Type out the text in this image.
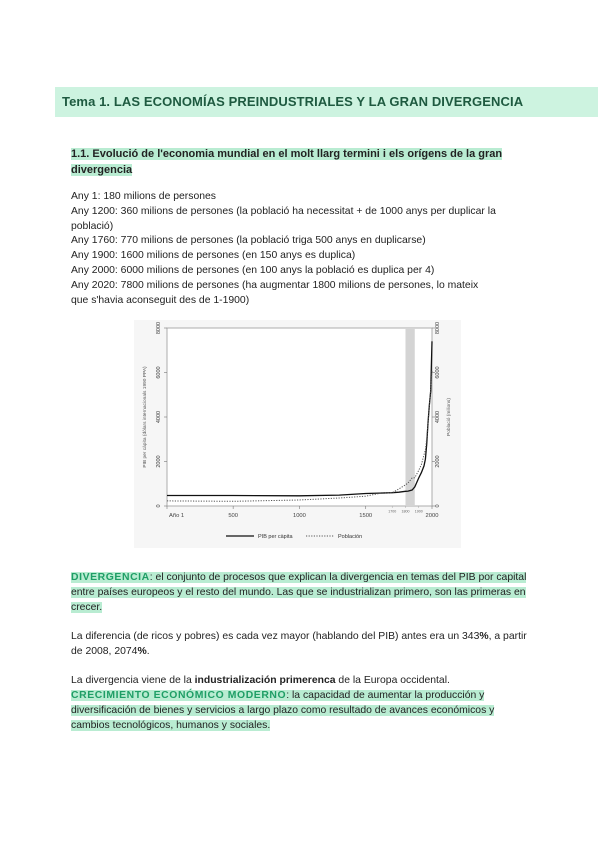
Tema 1. LAS ECONOMÍAS PREINDUSTRIALES Y LA GRAN DIVERGENCIA
1.1. Evolució de l'economia mundial en el molt llarg termini i els orígens de la gran
divergencia
Any 1: 180 milions de persones
Any 1200: 360 milions de persones (la població ha necessitat + de 1000 anys per duplicar la
població)
Any 1760: 770 milions de persones (la població triga 500 anys en duplicarse)
Any 1900: 1600 milions de persones (en 150 anys es duplica)
Any 2000: 6000 milions de persones (en 100 anys la població es duplica per 4)
Any 2020: 7800 milions de persones (ha augmentar 1800 milions de persones, lo mateix
que s'havia aconseguit des de 1-1900)
0
2000
4000
6000
8000
0
2000
4000
6000
8000
PIB per càpita (dòlars internacionals 1990 PPA)	Població (milions)
Año 1	500	1000	1500	2000
1700 1800 1900
PIB per càpita	Población
DIVERGENCIA: el conjunto de procesos que explican la divergencia en temas del PIB por capital entre países europeos y el resto del mundo. Las que se industrializan primero, son las primeras en crecer.
La diferencia (de ricos y pobres) es cada vez mayor (hablando del PIB) antes era un 343%, a partir de 2008, 2074%.
La divergencia viene de la industrialización primerenca de la Europa occidental.
CRECIMIENTO ECONÓMICO MODERNO: la capacidad de aumentar la producción y diversificación de bienes y servicios a largo plazo como resultado de avances económicos y cambios tecnológicos, humanos y sociales.
